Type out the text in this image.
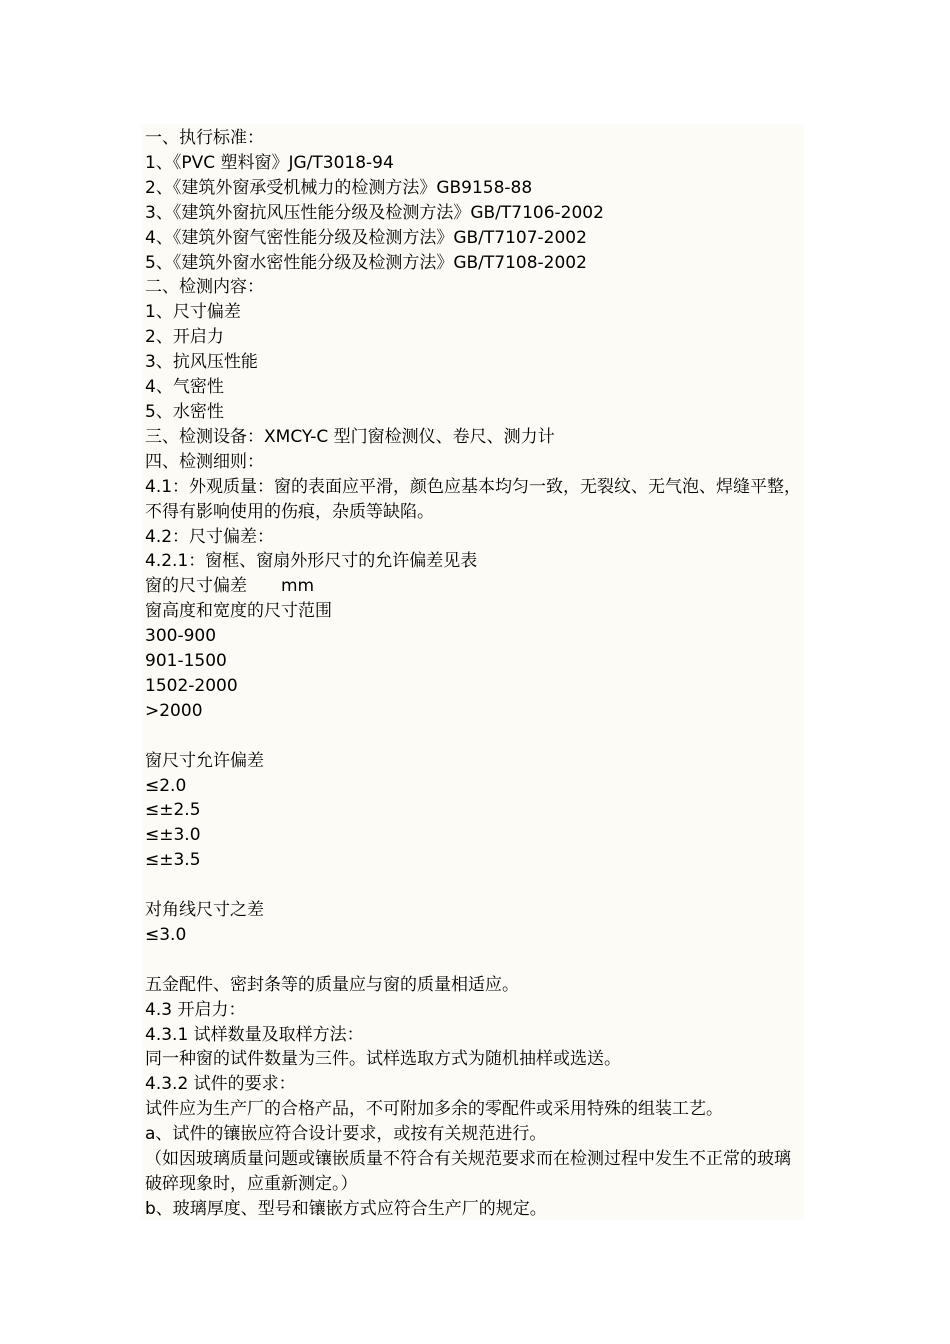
一、执行标准：
1、《PVC 塑料窗》JG/T3018-94
2、《建筑外窗承受机械力的检测方法》GB9158-88
3、《建筑外窗抗风压性能分级及检测方法》GB/T7106-2002
4、《建筑外窗气密性能分级及检测方法》GB/T7107-2002
5、《建筑外窗水密性能分级及检测方法》GB/T7108-2002
二、检测内容：
1、尺寸偏差
2、开启力
3、抗风压性能
4、气密性
5、水密性
三、检测设备：XMCY-C 型门窗检测仪、卷尺、测力计
四、检测细则：
4.1：外观质量：窗的表面应平滑，颜色应基本均匀一致，无裂纹、无气泡、焊缝平整，不得有影响使用的伤痕，杂质等缺陷。
4.2：尺寸偏差：
4.2.1：窗框、窗扇外形尺寸的允许偏差见表
窗的尺寸偏差　　mm
窗高度和宽度的尺寸范围
300-900
901-1500
1502-2000
>2000
窗尺寸允许偏差
≤2.0
≤±2.5
≤±3.0
≤±3.5
对角线尺寸之差
≤3.0
五金配件、密封条等的质量应与窗的质量相适应。
4.3 开启力：
4.3.1 试样数量及取样方法：
同一种窗的试件数量为三件。试样选取方式为随机抽样或选送。
4.3.2 试件的要求：
试件应为生产厂的合格产品，不可附加多余的零配件或采用特殊的组装工艺。
a、试件的镶嵌应符合设计要求，或按有关规范进行。
（如因玻璃质量问题或镶嵌质量不符合有关规范要求而在检测过程中发生不正常的玻璃破碎现象时，应重新测定。）
b、玻璃厚度、型号和镶嵌方式应符合生产厂的规定。
